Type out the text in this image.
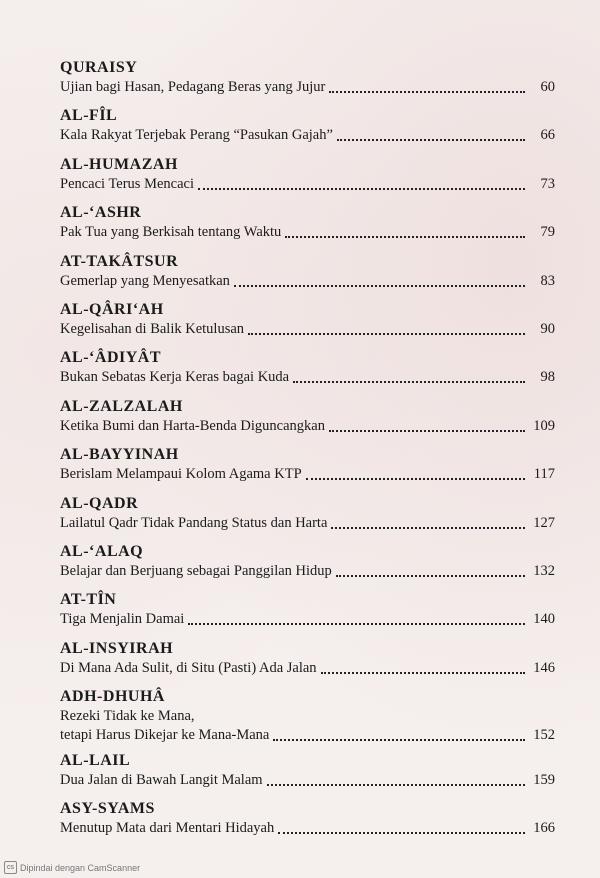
QURAISY
Ujian bagi Hasan, Pedagang Beras yang Jujur	60
AL-FÎL
Kala Rakyat Terjebak Perang “Pasukan Gajah”	66
AL-HUMAZAH
Pencaci Terus Mencaci	73
AL-‘ASHR
Pak Tua yang Berkisah tentang Waktu	79
AT-TAKÂTSUR
Gemerlap yang Menyesatkan	83
AL-QÂRI‘AH
Kegelisahan di Balik Ketulusan	90
AL-‘ÂDIYÂT
Bukan Sebatas Kerja Keras bagai Kuda	98
AL-ZALZALAH
Ketika Bumi dan Harta-Benda Diguncangkan	109
AL-BAYYINAH
Berislam Melampaui Kolom Agama KTP	117
AL-QADR
Lailatul Qadr Tidak Pandang Status dan Harta	127
AL-‘ALAQ
Belajar dan Berjuang sebagai Panggilan Hidup	132
AT-TÎN
Tiga Menjalin Damai	140
AL-INSYIRAH
Di Mana Ada Sulit, di Situ (Pasti) Ada Jalan	146
ADH-DHUHÂ
Rezeki Tidak ke Mana,
tetapi Harus Dikejar ke Mana-Mana	152
AL-LAIL
Dua Jalan di Bawah Langit Malam	159
ASY-SYAMS
Menutup Mata dari Mentari Hidayah	166
cs Dipindai dengan CamScanner
